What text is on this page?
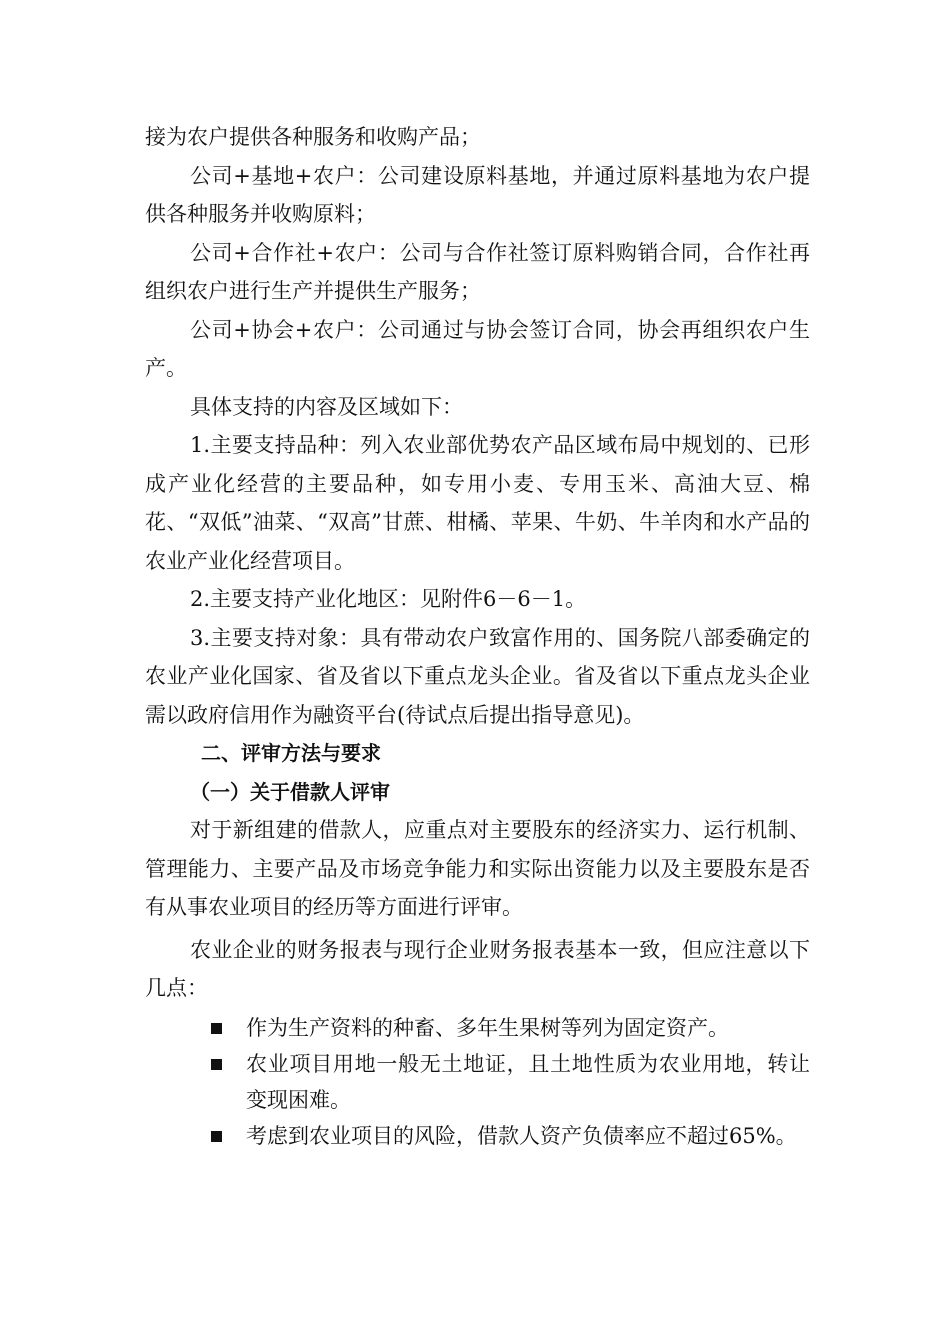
接为农户提供各种服务和收购产品；

公司+基地+农户：公司建设原料基地，并通过原料基地为农户提供各种服务并收购原料；

公司+合作社+农户：公司与合作社签订原料购销合同，合作社再组织农户进行生产并提供生产服务；

公司+协会+农户：公司通过与协会签订合同，协会再组织农户生产。

具体支持的内容及区域如下：

1.主要支持品种：列入农业部优势农产品区域布局中规划的、已形成产业化经营的主要品种，如专用小麦、专用玉米、高油大豆、棉花、“双低”油菜、“双高”甘蔗、柑橘、苹果、牛奶、牛羊肉和水产品的农业产业化经营项目。

2.主要支持产业化地区：见附件6－6－1。

3.主要支持对象：具有带动农户致富作用的、国务院八部委确定的农业产业化国家、省及省以下重点龙头企业。省及省以下重点龙头企业需以政府信用作为融资平台(待试点后提出指导意见)。

二、评审方法与要求
（一）关于借款人评审

对于新组建的借款人，应重点对主要股东的经济实力、运行机制、管理能力、主要产品及市场竞争能力和实际出资能力以及主要股东是否有从事农业项目的经历等方面进行评审。

农业企业的财务报表与现行企业财务报表基本一致，但应注意以下几点：

作为生产资料的种畜、多年生果树等列为固定资产。
农业项目用地一般无土地证，且土地性质为农业用地，转让变现困难。
考虑到农业项目的风险，借款人资产负债率应不超过65%。
